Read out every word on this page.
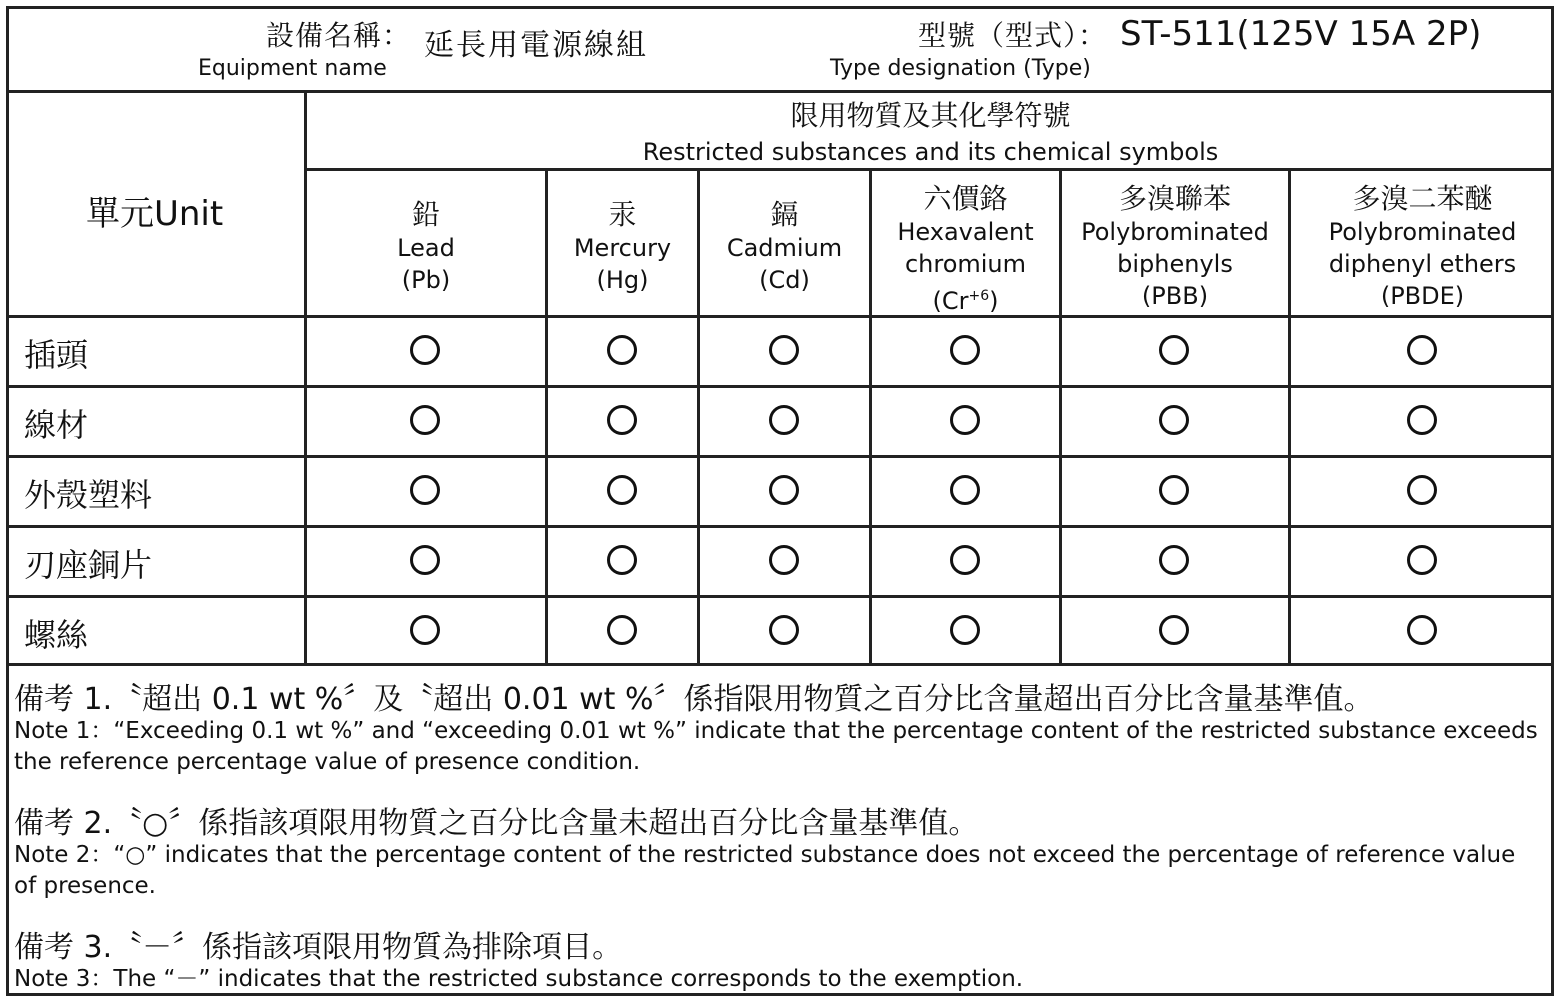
設備名稱： 延長用電源線組
Equipment name
型號（型式）： ST-511(125V 15A 2P)
Type designation (Type)
單元Unit
限用物質及其化學符號
Restricted substances and its chemical symbols
鉛
Lead
(Pb)
汞
Mercury
(Hg)
鎘
Cadmium
(Cd)
六價鉻
Hexavalent
chromium
$(Cr^{+6})$
多溴聯苯
Polybrominated
biphenyls
(PBB)
多溴二苯醚
Polybrominated
diphenyl ethers
(PBDE)
插頭
線材
外殼塑料
刃座銅片
螺絲
備考 1.〝超出 0.1 wt %〞及〝超出 0.01 wt %〞係指限用物質之百分比含量超出百分比含量基準值。
Note 1：“Exceeding 0.1 wt %” and “exceeding 0.01 wt %” indicate that the percentage content of the restricted substance exceeds the reference percentage value of presence condition.
備考 2.〝○〞係指該項限用物質之百分比含量未超出百分比含量基準值。
Note 2：“○” indicates that the percentage content of the restricted substance does not exceed the percentage of reference value of presence.
備考 3.〝－〞係指該項限用物質為排除項目。
Note 3：The “－” indicates that the restricted substance corresponds to the exemption.
